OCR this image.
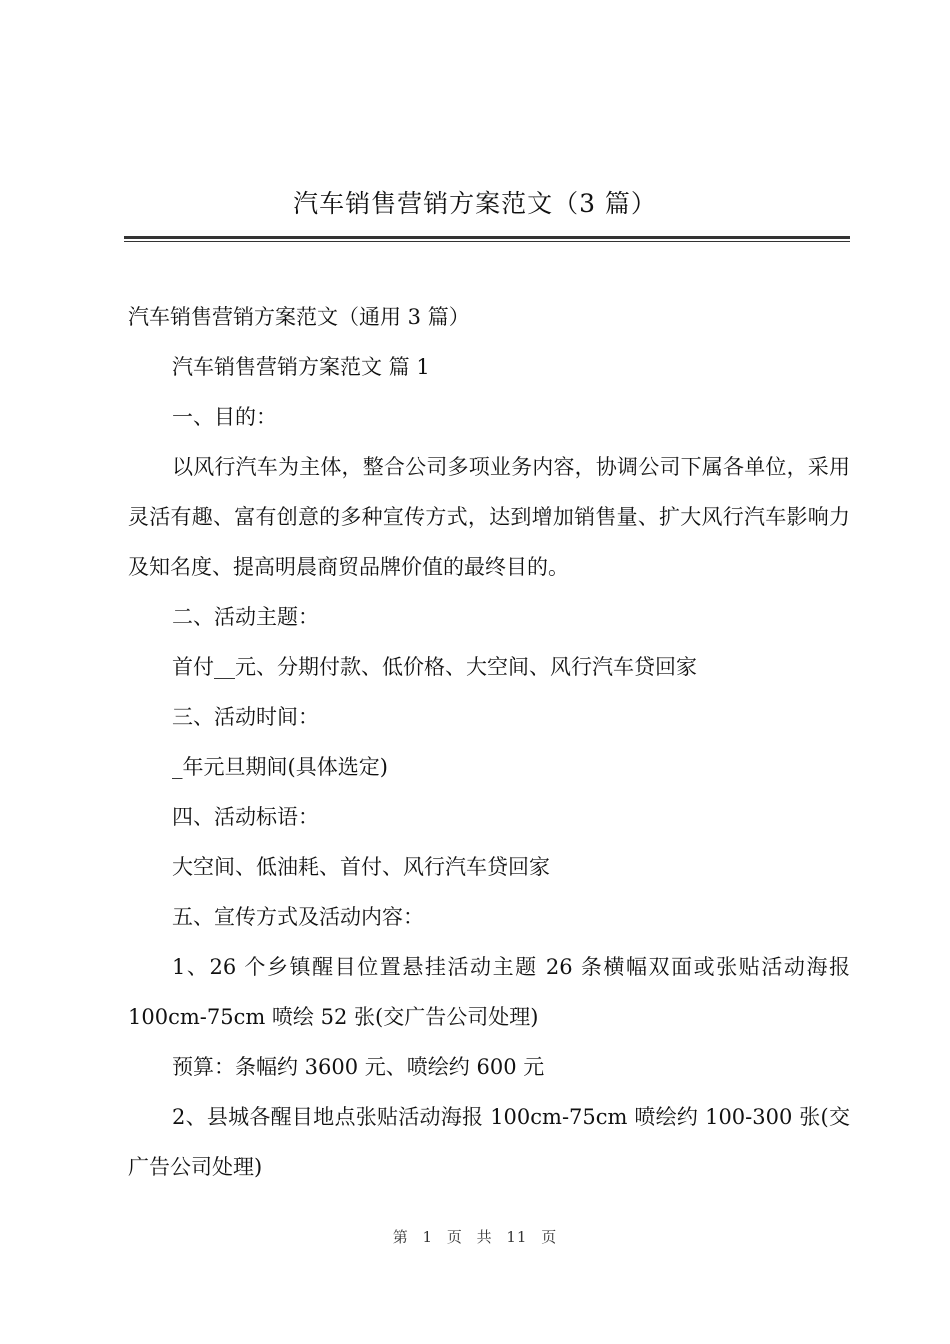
汽车销售营销方案范文（3 篇）

汽车销售营销方案范文（通用 3 篇）

汽车销售营销方案范文 篇 1

一、目的：

以风行汽车为主体，整合公司多项业务内容，协调公司下属各单位，采用灵活有趣、富有创意的多种宣传方式，达到增加销售量、扩大风行汽车影响力及知名度、提高明晨商贸品牌价值的最终目的。

二、活动主题：

首付__元、分期付款、低价格、大空间、风行汽车贷回家

三、活动时间：

_年元旦期间(具体选定)

四、活动标语：

大空间、低油耗、首付、风行汽车贷回家

五、宣传方式及活动内容：

1、26 个乡镇醒目位置悬挂活动主题 26 条横幅双面或张贴活动海报 100cm-75cm 喷绘 52 张(交广告公司处理)

预算：条幅约 3600 元、喷绘约 600 元

2、县城各醒目地点张贴活动海报 100cm-75cm 喷绘约 100-300 张(交广告公司处理)

第 1 页 共 11 页
